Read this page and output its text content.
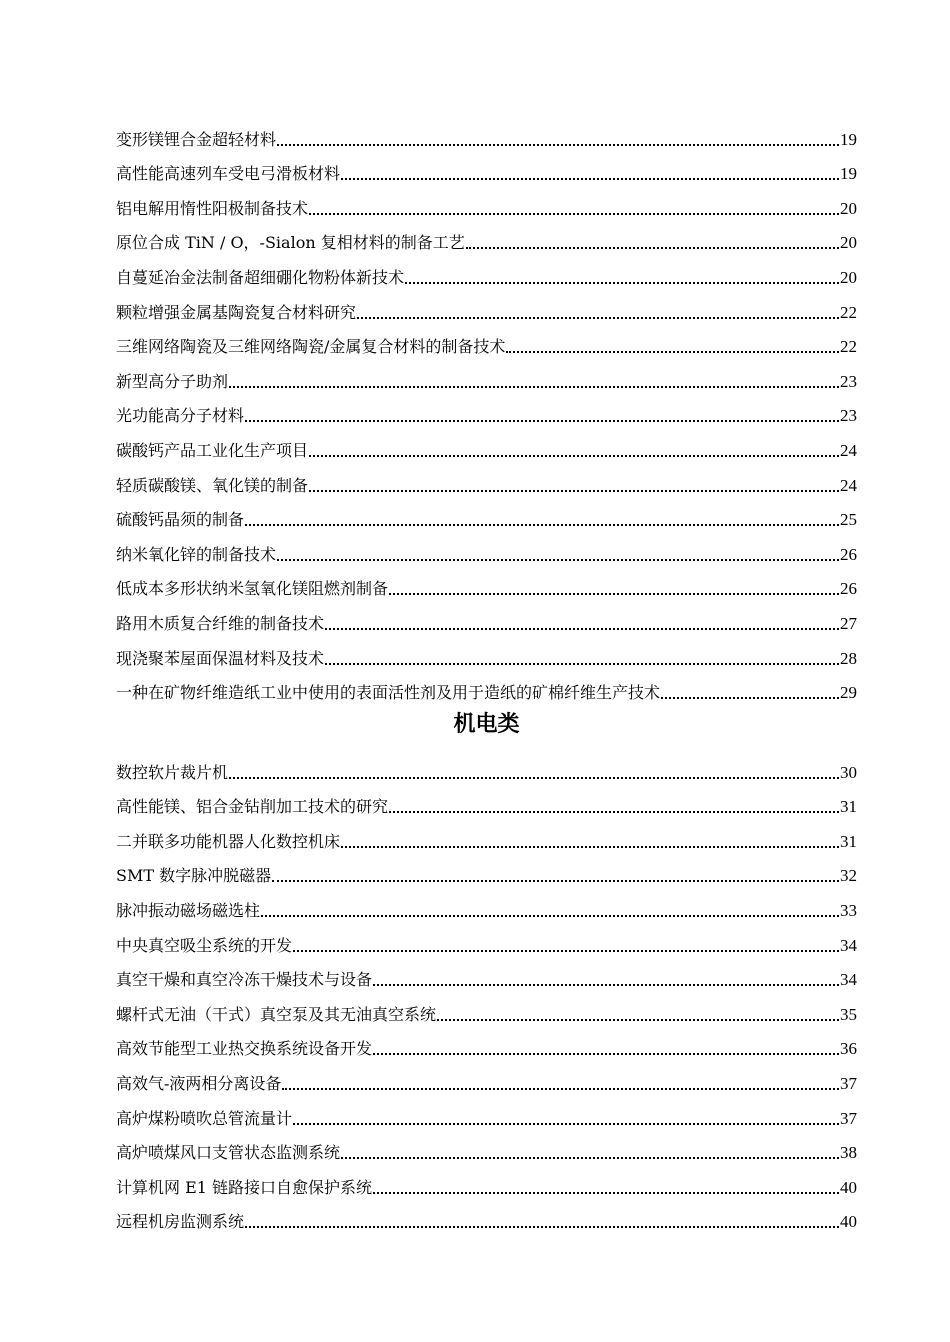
变形镁锂合金超轻材料	19
高性能高速列车受电弓滑板材料	19
铝电解用惰性阳极制备技术	20
原位合成 TiN / O，-Sialon 复相材料的制备工艺	20
自蔓延冶金法制备超细硼化物粉体新技术	20
颗粒增强金属基陶瓷复合材料研究	22
三维网络陶瓷及三维网络陶瓷/金属复合材料的制备技术	22
新型高分子助剂	23
光功能高分子材料	23
碳酸钙产品工业化生产项目	24
轻质碳酸镁、氧化镁的制备	24
硫酸钙晶须的制备	25
纳米氧化锌的制备技术	26
低成本多形状纳米氢氧化镁阻燃剂制备	26
路用木质复合纤维的制备技术	27
现浇聚苯屋面保温材料及技术	28
一种在矿物纤维造纸工业中使用的表面活性剂及用于造纸的矿棉纤维生产技术	29
机电类
数控软片裁片机	30
高性能镁、铝合金钻削加工技术的研究	31
二并联多功能机器人化数控机床	31
SMT 数字脉冲脱磁器	32
脉冲振动磁场磁选柱	33
中央真空吸尘系统的开发	34
真空干燥和真空冷冻干燥技术与设备	34
螺杆式无油（干式）真空泵及其无油真空系统	35
高效节能型工业热交换系统设备开发	36
高效气-液两相分离设备	37
高炉煤粉喷吹总管流量计	37
高炉喷煤风口支管状态监测系统	38
计算机网 E1 链路接口自愈保护系统	40
远程机房监测系统	40
